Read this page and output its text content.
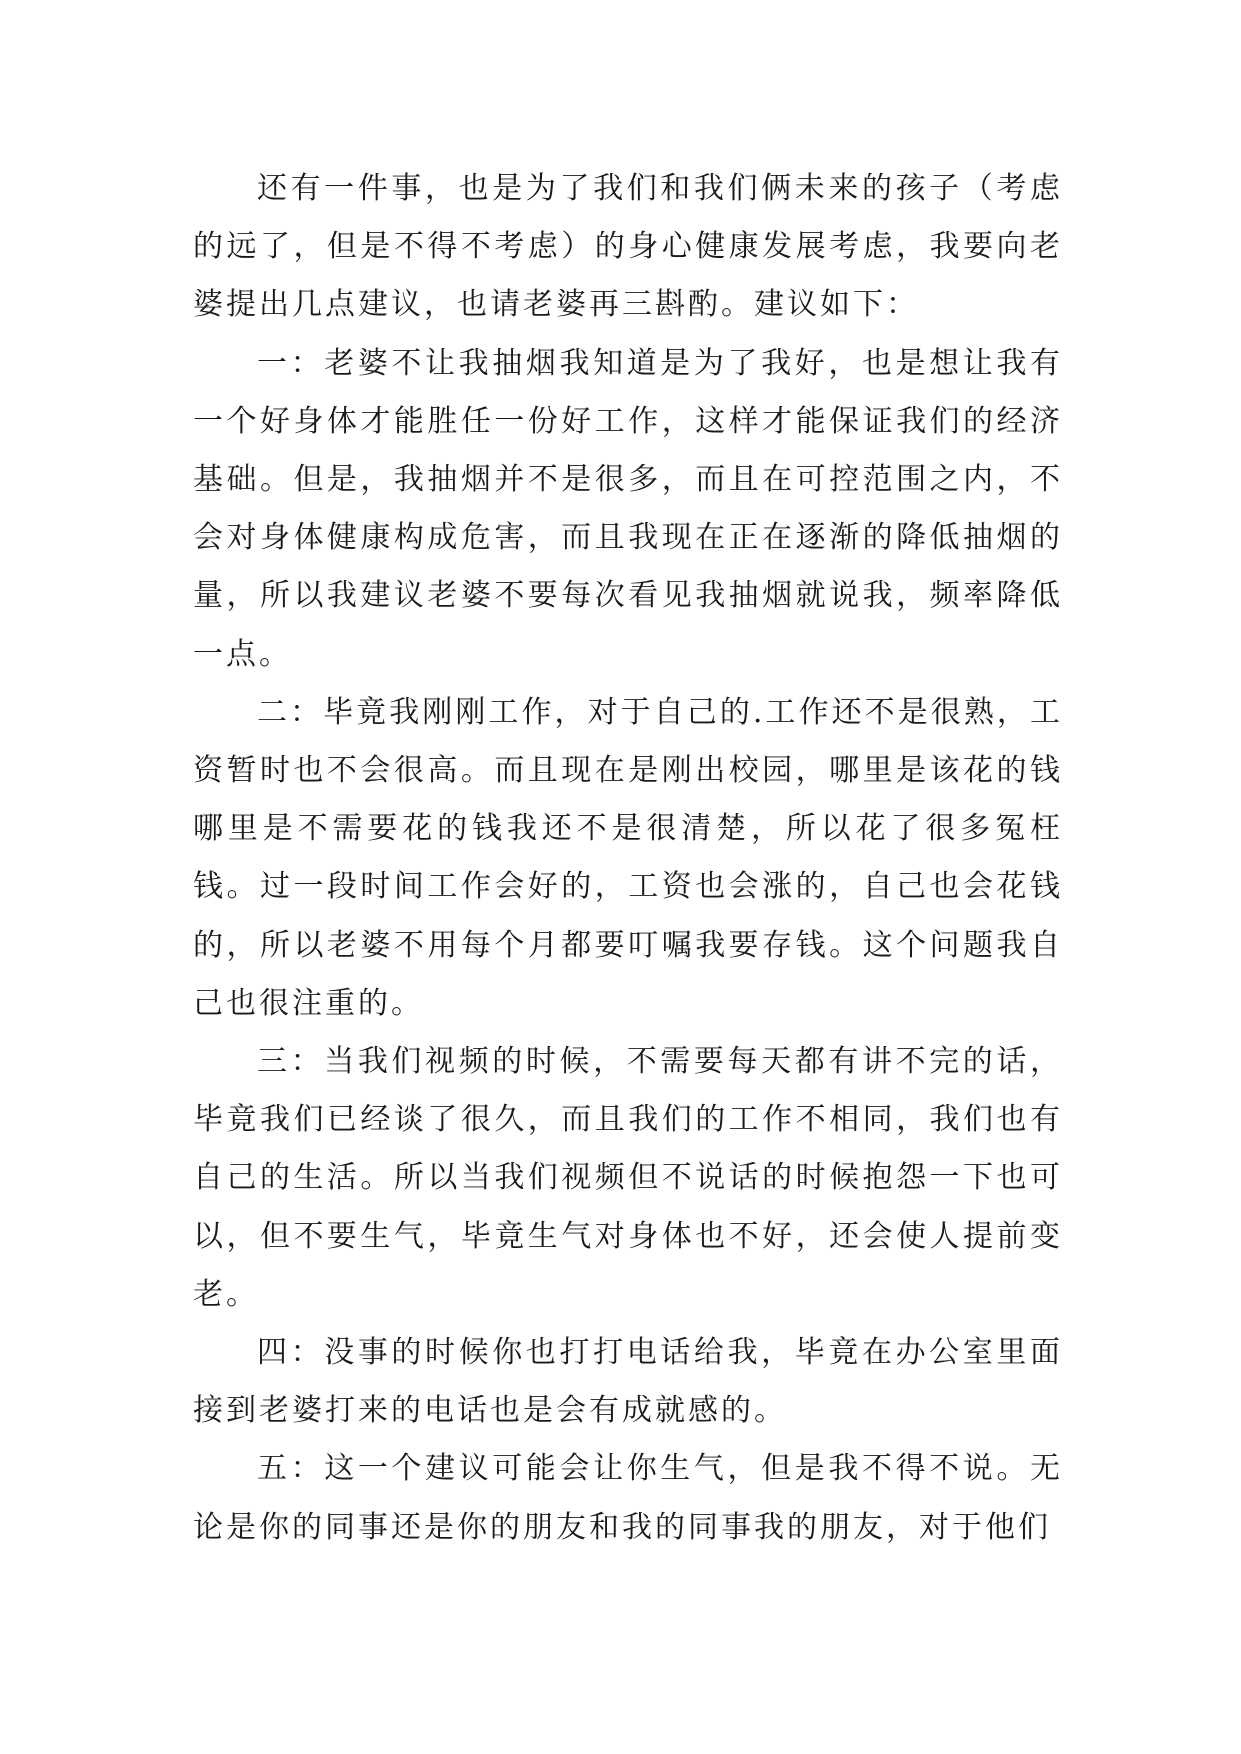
还有一件事，也是为了我们和我们俩未来的孩子（考虑的远了，但是不得不考虑）的身心健康发展考虑，我要向老婆提出几点建议，也请老婆再三斟酌。建议如下：

一：老婆不让我抽烟我知道是为了我好，也是想让我有一个好身体才能胜任一份好工作，这样才能保证我们的经济基础。但是，我抽烟并不是很多，而且在可控范围之内，不会对身体健康构成危害，而且我现在正在逐渐的降低抽烟的量，所以我建议老婆不要每次看见我抽烟就说我，频率降低一点。

二：毕竟我刚刚工作，对于自己的.工作还不是很熟，工资暂时也不会很高。而且现在是刚出校园，哪里是该花的钱哪里是不需要花的钱我还不是很清楚，所以花了很多冤枉钱。过一段时间工作会好的，工资也会涨的，自己也会花钱的，所以老婆不用每个月都要叮嘱我要存钱。这个问题我自己也很注重的。

三：当我们视频的时候，不需要每天都有讲不完的话，毕竟我们已经谈了很久，而且我们的工作不相同，我们也有自己的生活。所以当我们视频但不说话的时候抱怨一下也可以，但不要生气，毕竟生气对身体也不好，还会使人提前变老。

四：没事的时候你也打打电话给我，毕竟在办公室里面接到老婆打来的电话也是会有成就感的。

五：这一个建议可能会让你生气，但是我不得不说。无论是你的同事还是你的朋友和我的同事我的朋友，对于他们
